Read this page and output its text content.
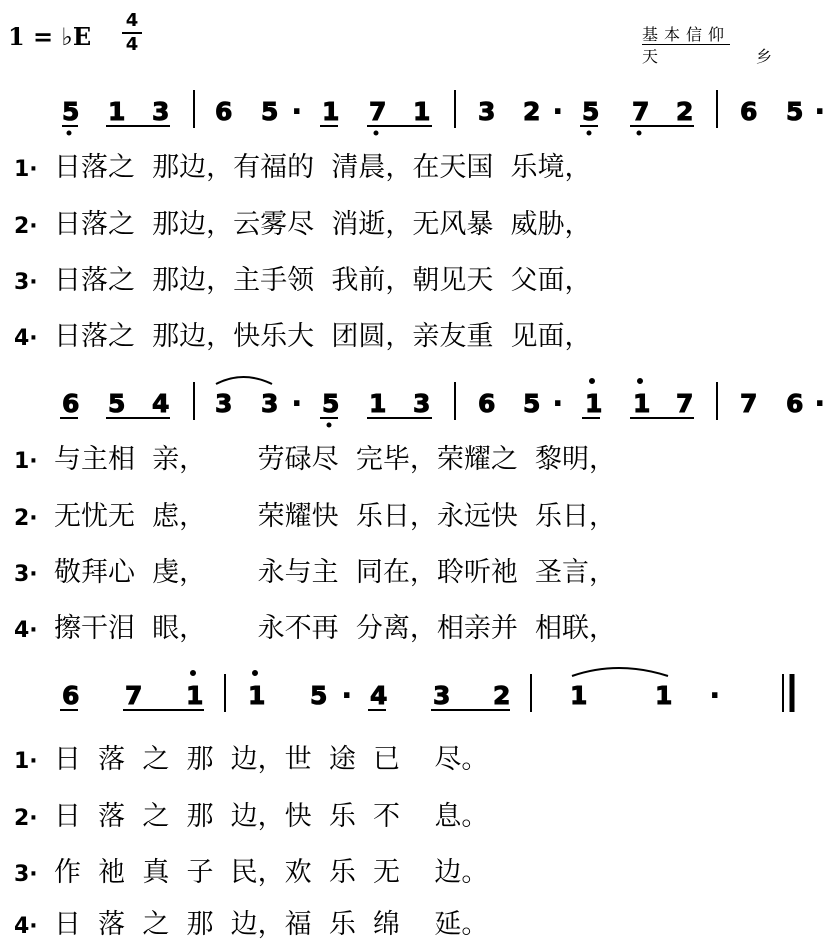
1 = ♭E
4
4	基本信仰
天	乡
5 1 3 6 5 · 1 7 1 3 2 · 5 7 2 6 5 ·
1· 日落之  那边，有福的  清晨，在天国  乐境，
2· 日落之  那边，云雾尽  消逝，无风暴  威胁，
3· 日落之  那边，主手领  我前，朝见天  父面，
4· 日落之  那边，快乐大  团圆，亲友重  见面，
6 5 4 3 3 · 5 1 3 6 5 · 1 1 7 7 6 ·
1· 与主相  亲，      劳碌尽  完毕，荣耀之  黎明，
2· 无忧无  虑，      荣耀快  乐日，永远快  乐日，
3· 敬拜心  虔，      永与主  同在，聆听祂  圣言，
4· 擦干泪  眼，      永不再  分离，相亲并  相联，
6 7 1 1 5 · 4 3 2 1	1 ·
1· 日  落  之  那  边，世  途  已    尽。
2· 日  落  之  那  边，快  乐  不    息。
3· 作  祂  真  子  民，欢  乐  无    边。
4· 日  落  之  那  边，福  乐  绵    延。
